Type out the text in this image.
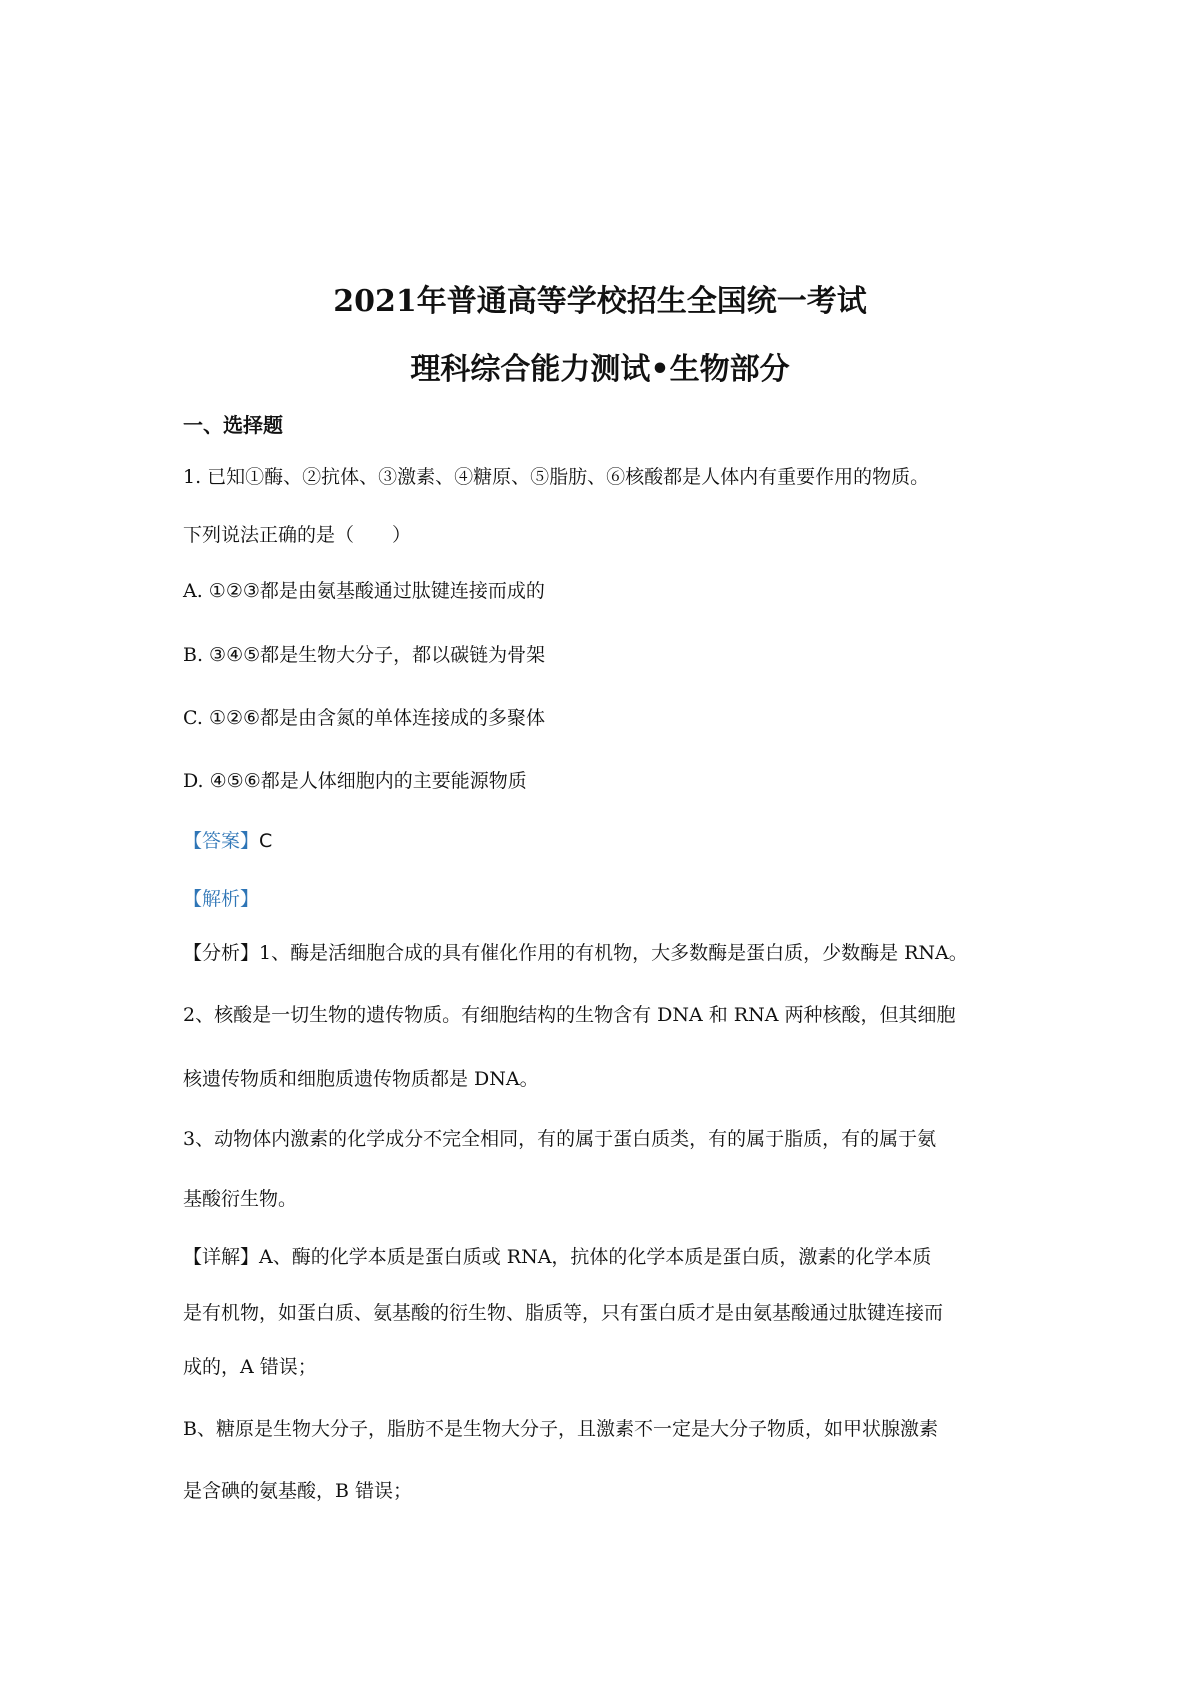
2021年普通高等学校招生全国统一考试
理科综合能力测试•生物部分
一、选择题
1. 已知①酶、②抗体、③激素、④糖原、⑤脂肪、⑥核酸都是人体内有重要作用的物质。
下列说法正确的是（　　）
A. ①②③都是由氨基酸通过肽键连接而成的
B. ③④⑤都是生物大分子，都以碳链为骨架
C. ①②⑥都是由含氮的单体连接成的多聚体
D. ④⑤⑥都是人体细胞内的主要能源物质
【答案】C
【解析】
【分析】1、酶是活细胞合成的具有催化作用的有机物，大多数酶是蛋白质，少数酶是 RNA。
2、核酸是一切生物的遗传物质。有细胞结构的生物含有 DNA 和 RNA 两种核酸，但其细胞
核遗传物质和细胞质遗传物质都是 DNA。
3、动物体内激素的化学成分不完全相同，有的属于蛋白质类，有的属于脂质，有的属于氨
基酸衍生物。
【详解】A、酶的化学本质是蛋白质或 RNA，抗体的化学本质是蛋白质，激素的化学本质
是有机物，如蛋白质、氨基酸的衍生物、脂质等，只有蛋白质才是由氨基酸通过肽键连接而
成的，A 错误；
B、糖原是生物大分子，脂肪不是生物大分子，且激素不一定是大分子物质，如甲状腺激素
是含碘的氨基酸，B 错误；
